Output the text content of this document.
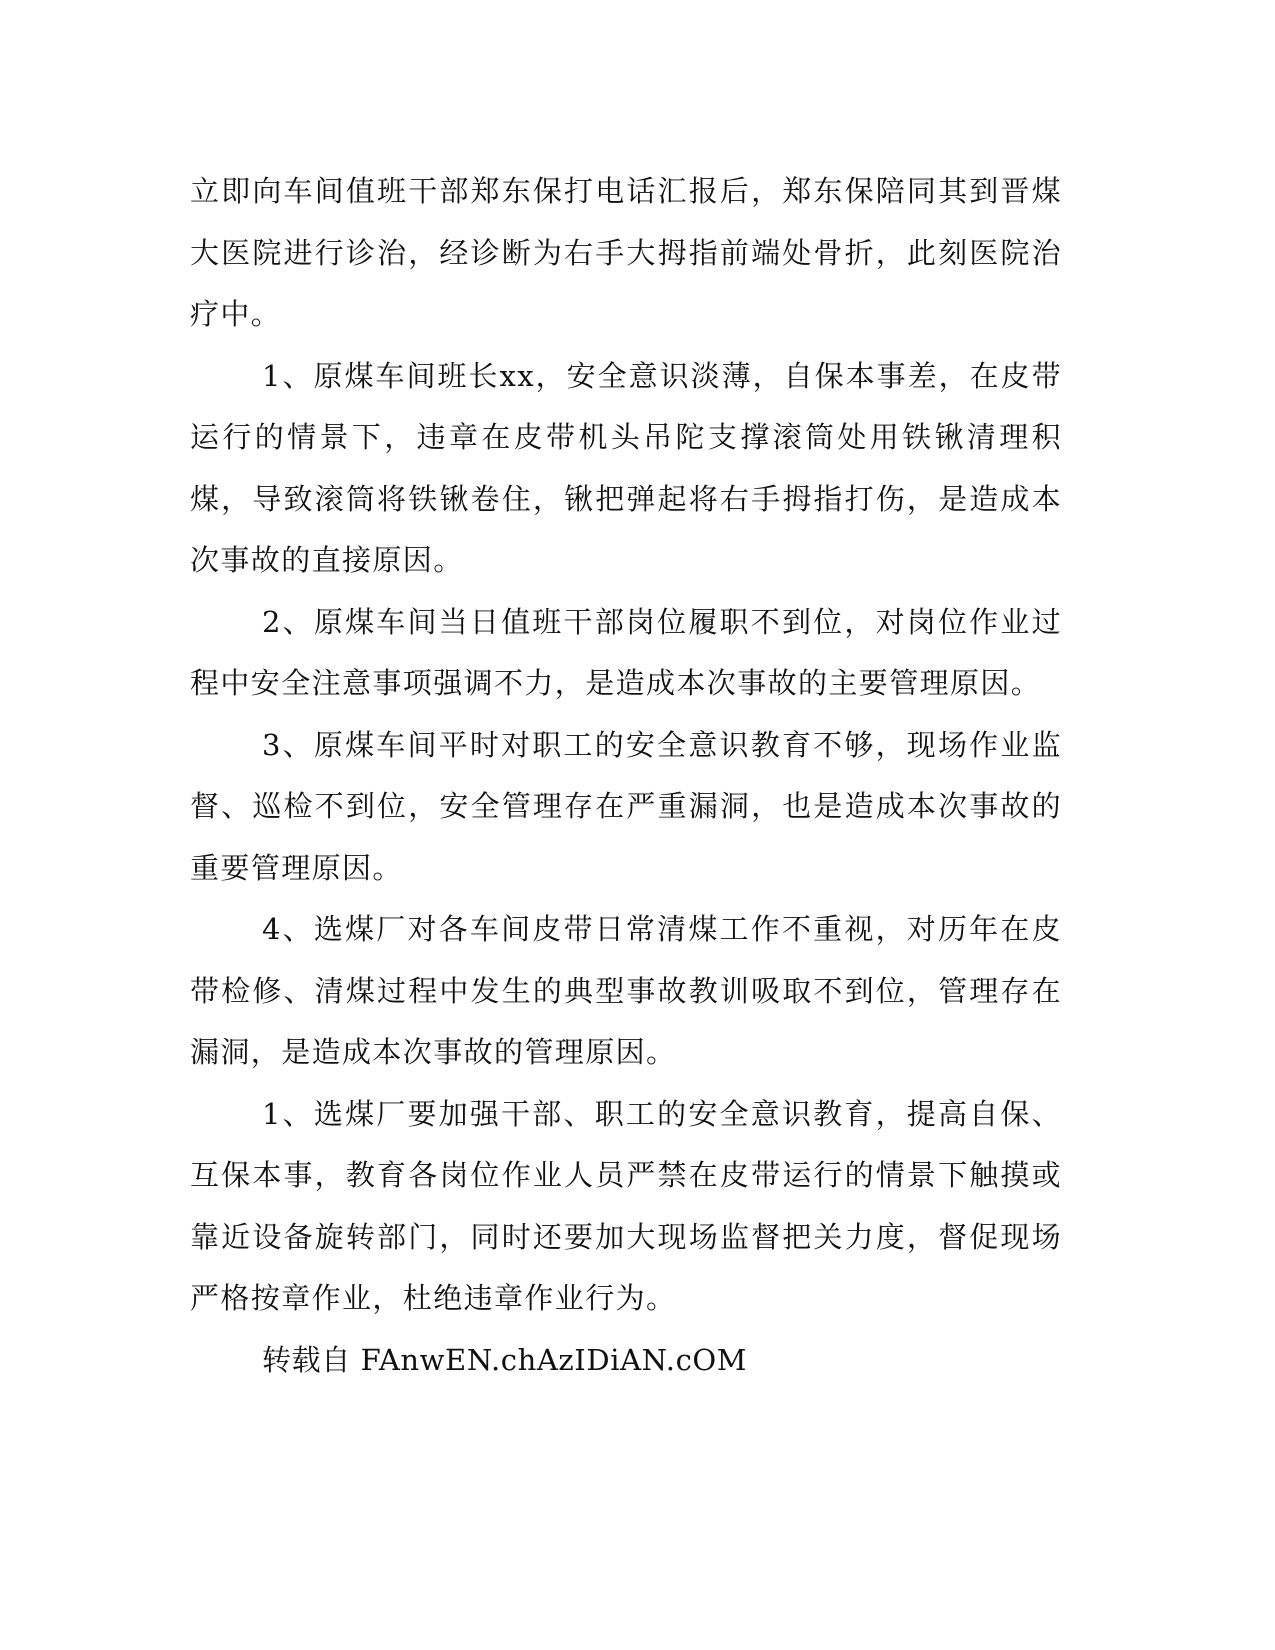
立即向车间值班干部郑东保打电话汇报后，郑东保陪同其到晋煤大医院进行诊治，经诊断为右手大拇指前端处骨折，此刻医院治疗中。

1、原煤车间班长xx，安全意识淡薄，自保本事差，在皮带运行的情景下，违章在皮带机头吊陀支撑滚筒处用铁锹清理积煤，导致滚筒将铁锹卷住，锹把弹起将右手拇指打伤，是造成本次事故的直接原因。

2、原煤车间当日值班干部岗位履职不到位，对岗位作业过程中安全注意事项强调不力，是造成本次事故的主要管理原因。

3、原煤车间平时对职工的安全意识教育不够，现场作业监督、巡检不到位，安全管理存在严重漏洞，也是造成本次事故的重要管理原因。

4、选煤厂对各车间皮带日常清煤工作不重视，对历年在皮带检修、清煤过程中发生的典型事故教训吸取不到位，管理存在漏洞，是造成本次事故的管理原因。

1、选煤厂要加强干部、职工的安全意识教育，提高自保、互保本事，教育各岗位作业人员严禁在皮带运行的情景下触摸或靠近设备旋转部门，同时还要加大现场监督把关力度，督促现场严格按章作业，杜绝违章作业行为。

转载自 FAnwEN.chAzIDiAN.cOM
